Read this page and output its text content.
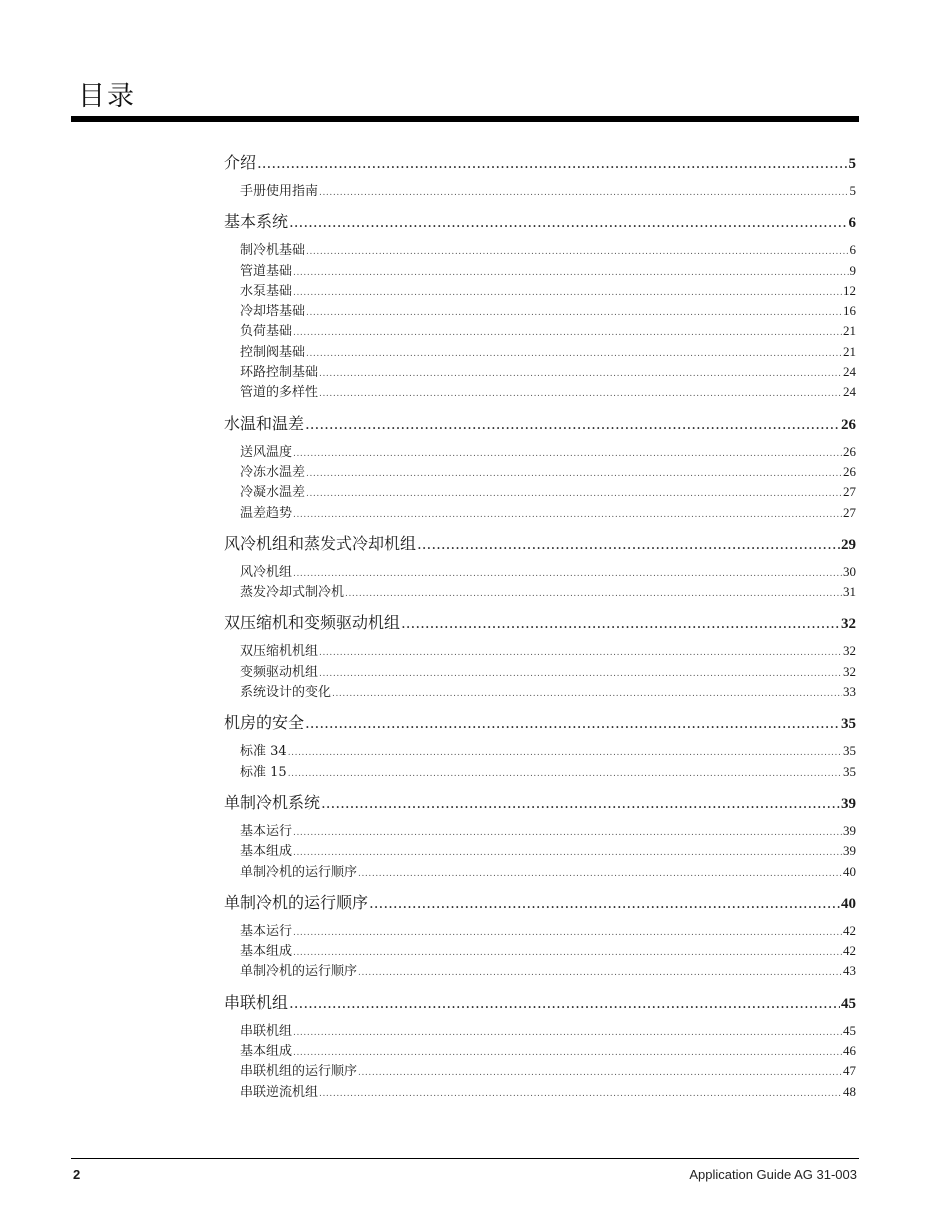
目录
介绍 .....	5
手册使用指南 .....	5
基本系统 .....	6
制冷机基础 .....	6
管道基础 .....	9
水泵基础 .....	12
冷却塔基础 .....	16
负荷基础 .....	21
控制阀基础 .....	21
环路控制基础 .....	24
管道的多样性 .....	24
水温和温差 .....	26
送风温度 .....	26
冷冻水温差 .....	26
冷凝水温差 .....	27
温差趋势 .....	27
风冷机组和蒸发式冷却机组 .....	29
风冷机组 .....	30
蒸发冷却式制冷机 .....	31
双压缩机和变频驱动机组 .....	32
双压缩机机组 .....	32
变频驱动机组 .....	32
系统设计的变化 .....	33
机房的安全 .....	35
标准 34 .....	35
标准 15 .....	35
单制冷机系统 .....	39
基本运行 .....	39
基本组成 .....	39
单制冷机的运行顺序 .....	40
单制冷机的运行顺序 .....	40
基本运行 .....	42
基本组成 .....	42
单制冷机的运行顺序 .....	43
串联机组 .....	45
串联机组 .....	45
基本组成 .....	46
串联机组的运行顺序 .....	47
串联逆流机组 .....	48
2	Application Guide AG 31-003
